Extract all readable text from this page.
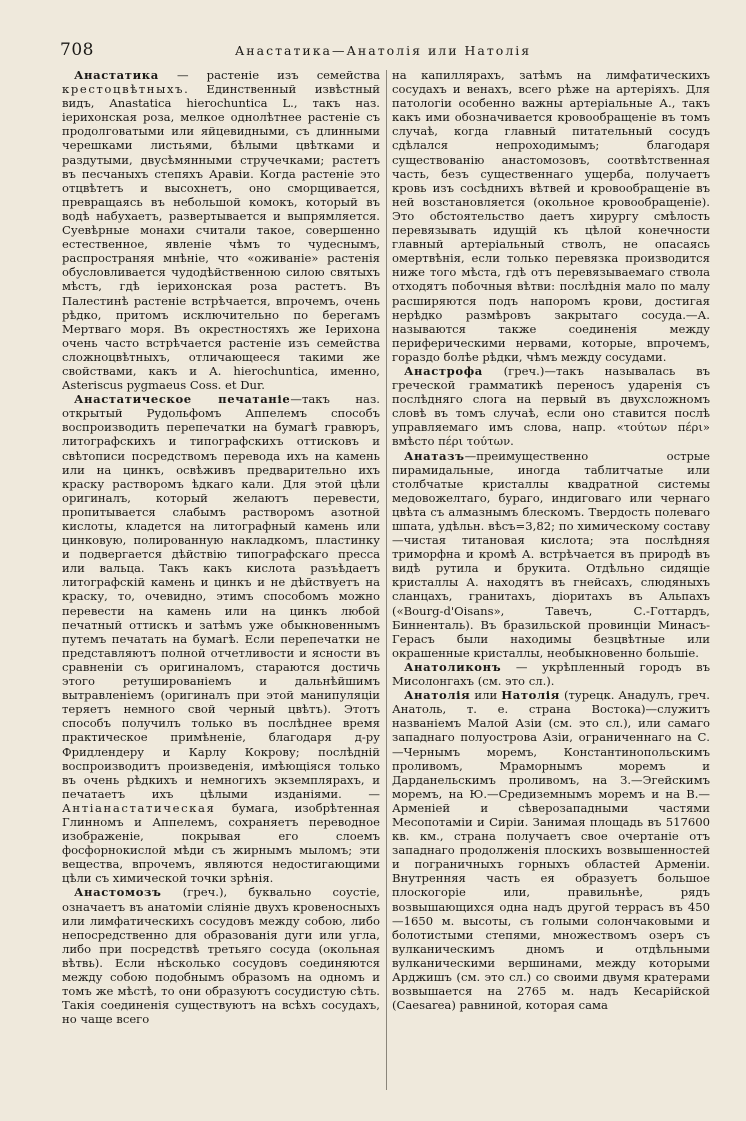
708	Анастатика—Анатолія или Натолія

Анастатика — растеніе изъ семейства крестоцвѣтныхъ. Единственный извѣстный видъ, Anastatica hierochuntica L., такъ наз. іерихонская роза, мелкое однолѣтнее растеніе съ продолговатыми или яйцевидными, съ длинными черешками листьями, бѣлыми цвѣтками и раздутыми, двусѣмянными стручечками; растетъ въ песчаныхъ степяхъ Аравіи. Когда растеніе это отцвѣтетъ и высохнетъ, оно сморщивается, превращаясь въ небольшой комокъ, который въ водѣ набухаетъ, развертывается и выпрямляется. Суевѣрные монахи считали такое, совершенно естественное, явленіе чѣмъ то чудеснымъ, распространяя мнѣніе, что «оживаніе» растенія обусловливается чудодѣйственною силою святыхъ мѣстъ, гдѣ іерихонская роза растетъ. Въ Палестинѣ растеніе встрѣчается, впрочемъ, очень рѣдко, притомъ исключительно по берегамъ Мертваго моря. Въ окрестностяхъ же Іерихона очень часто встрѣчается растеніе изъ семейства сложноцвѣтныхъ, отличающееся такими же свойствами, какъ и А. hierochuntica, именно, Asteriscus pygmaeus Coss. et Dur.

Анастатическое печатаніе—такъ наз. открытый Рудольфомъ Аппелемъ способъ воспроизводить перепечатки на бумагѣ гравюръ, литографскихъ и типографскихъ оттисковъ и свѣтописи посредствомъ перевода ихъ на камень или на цинкъ, освѣживъ предварительно ихъ краску растворомъ ѣдкаго кали. Для этой цѣли оригиналъ, который желаютъ перевести, пропитывается слабымъ растворомъ азотной кислоты, кладется на литографный камень или цинковую, полированную накладкомъ, пластинку и подвергается дѣйствію типографскаго пресса или вальца. Такъ какъ кислота разъѣдаетъ литографскій камень и цинкъ и не дѣйствуетъ на краску, то, очевидно, этимъ способомъ можно перевести на камень или на цинкъ любой печатный оттискъ и затѣмъ уже обыкновеннымъ путемъ печатать на бумагѣ. Если перепечатки не представляютъ полной отчетливости и ясности въ сравненіи съ оригиналомъ, стараются достичь этого ретушированіемъ и дальнѣйшимъ вытравленіемъ (оригиналъ при этой манипуляціи теряетъ немного свой черный цвѣтъ). Этотъ способъ получилъ только въ послѣднее время практическое примѣненіе, благодаря д-ру Фридлендеру и Карлу Кокрову; послѣдній воспроизводитъ произведенія, имѣющіяся только въ очень рѣдкихъ и немногихъ экземплярахъ, и печатаетъ ихъ цѣлыми изданіями. — Антіанастатическая бумага, изобрѣтенная Глинномъ и Аппелемъ, сохраняетъ переводное изображеніе, покрывая его слоемъ фосфорнокислой мѣди съ жирнымъ мыломъ; эти вещества, впрочемъ, являются недостигающими цѣли съ химической точки зрѣнія.

Анастомозъ (греч.), буквально соустіе, означаетъ въ анатоміи сліяніе двухъ кровеносныхъ или лимфатическихъ сосудовъ между собою, либо непосредственно для образованія дуги или угла, либо при посредствѣ третьяго сосуда (окольная вѣтвь). Если нѣсколько сосудовъ соединяются между собою подобнымъ образомъ на одномъ и томъ же мѣстѣ, то они образуютъ сосудистую сѣть. Такія соединенія существуютъ на всѣхъ сосудахъ, но чаще всего

на капиллярахъ, затѣмъ на лимфатическихъ сосудахъ и венахъ, всего рѣже на артеріяхъ. Для патологіи особенно важны артеріальные А., такъ какъ ими обозначивается кровообращеніе въ томъ случаѣ, когда главный питательный сосудъ сдѣлался непроходимымъ; благодаря существованію анастомозовъ, соотвѣтственная часть, безъ существеннаго ущерба, получаетъ кровь изъ сосѣднихъ вѣтвей и кровообращеніе въ ней возстановляется (окольное кровообращеніе). Это обстоятельство даетъ хирургу смѣлость перевязывать идущій къ цѣлой конечности главный артеріальный стволъ, не опасаясь омертвѣнія, если только перевязка производится ниже того мѣста, гдѣ отъ перевязываемаго ствола отходятъ побочныя вѣтви: послѣднія мало по малу расширяются подъ напоромъ крови, достигая нерѣдко размѣровъ закрытаго сосуда.—А. называются также соединенія между периферическими нервами, которые, впрочемъ, гораздо болѣе рѣдки, чѣмъ между сосудами.

Анастрофа (греч.)—такъ называлась въ греческой грамматикѣ переносъ ударенія съ послѣдняго слога на первый въ двухсложномъ словѣ въ томъ случаѣ, если оно ставится послѣ управляемаго имъ слова, напр. «τούτων πέρι» вмѣсто πέρι τούτων.

Анатазъ—преимущественно острые пирамидальные, иногда таблитчатые или столбчатые кристаллы квадратной системы медовожелтаго, бураго, индиговаго или чернаго цвѣта съ алмазнымъ блескомъ. Твердость полеваго шпата, удѣльн. вѣсъ=3,82; по химическому составу—чистая титановая кислота; эта послѣдняя триморфна и кромѣ А. встрѣчается въ природѣ въ видѣ рутила и брукита. Отдѣльно сидящіе кристаллы А. находятъ въ гнейсахъ, слюдяныхъ сланцахъ, гранитахъ, діоритахъ въ Альпахъ («Bourg-d'Oisans», Тавечъ, С.-Готтардъ, Бинненталь). Въ бразильской провинціи Минасъ-Герасъ были находимы безцвѣтные или окрашенные кристаллы, необыкновенно большіе.

Анатоликонъ — укрѣпленный городъ въ Мисолонгахъ (см. это сл.).

Анатолія или Натолія (турецк. Анадулъ, греч. Анатоль, т. е. страна Востока)—служитъ названіемъ Малой Азіи (см. это сл.), или самаго западнаго полуострова Азіи, ограниченнаго на С.—Чернымъ моремъ, Константинопольскимъ проливомъ, Мраморнымъ моремъ и Дарданельскимъ проливомъ, на З.—Эгейскимъ моремъ, на Ю.—Средиземнымъ моремъ и на В.—Арменіей и сѣверозападными частями Месопотаміи и Сиріи. Занимая площадь въ 517600 кв. км., страна получаетъ свое очертаніе отъ западнаго продолженія плоскихъ возвышенностей и пограничныхъ горныхъ областей Арменіи. Внутренняя часть ея образуетъ большое плоскогоріе или, правильнѣе, рядъ возвышающихся одна надъ другой террасъ въ 450—1650 м. высоты, съ голыми солончаковыми и болотистыми степями, множествомъ озеръ съ вулканическимъ дномъ и отдѣльными вулканическими вершинами, между которыми Арджишъ (см. это сл.) со своими двумя кратерами возвышается на 2765 м. надъ Кесарійской (Caesarea) равниной, которая сама
